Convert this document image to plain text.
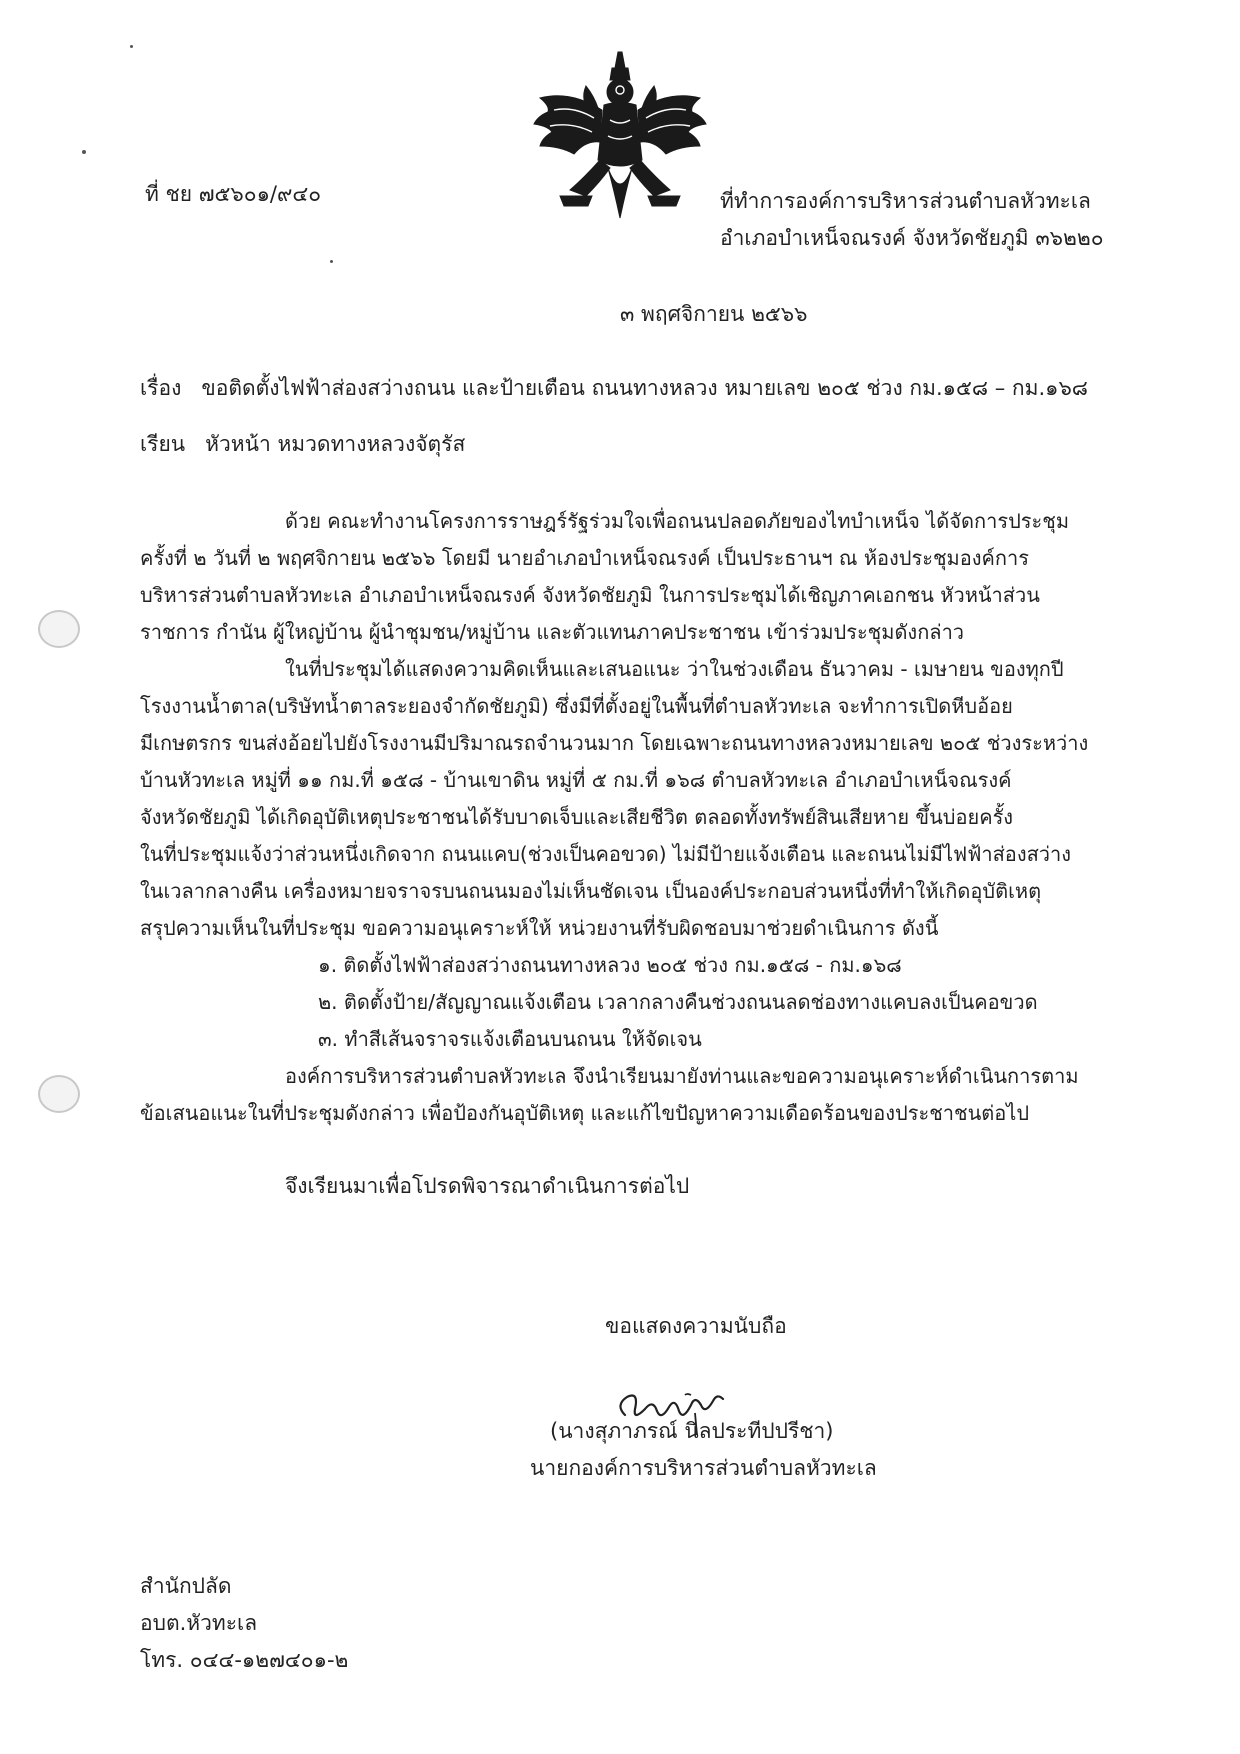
ที่ ชย ๗๕๖๐๑/๙๔๐	ที่ทำการองค์การบริหารส่วนตำบลหัวทะเล
อำเภอบำเหน็จณรงค์ จังหวัดชัยภูมิ ๓๖๒๒๐
๓ พฤศจิกายน ๒๕๖๖
เรื่อง ขอติดตั้งไฟฟ้าส่องสว่างถนน และป้ายเตือน ถนนทางหลวง หมายเลข ๒๐๕ ช่วง กม.๑๕๘ – กม.๑๖๘
เรียน หัวหน้า หมวดทางหลวงจัตุรัส
ด้วย คณะทำงานโครงการราษฎร์รัฐร่วมใจเพื่อถนนปลอดภัยของไทบำเหน็จ ได้จัดการประชุม
ครั้งที่ ๒ วันที่ ๒ พฤศจิกายน ๒๕๖๖ โดยมี นายอำเภอบำเหน็จณรงค์ เป็นประธานฯ ณ ห้องประชุมองค์การ
บริหารส่วนตำบลหัวทะเล อำเภอบำเหน็จณรงค์ จังหวัดชัยภูมิ ในการประชุมได้เชิญภาคเอกชน หัวหน้าส่วน
ราชการ กำนัน ผู้ใหญ่บ้าน ผู้นำชุมชน/หมู่บ้าน และตัวแทนภาคประชาชน เข้าร่วมประชุมดังกล่าว
ในที่ประชุมได้แสดงความคิดเห็นและเสนอแนะ ว่าในช่วงเดือน ธันวาคม - เมษายน ของทุกปี
โรงงานน้ำตาล(บริษัทน้ำตาลระยองจำกัดชัยภูมิ) ซึ่งมีที่ตั้งอยู่ในพื้นที่ตำบลหัวทะเล จะทำการเปิดหีบอ้อย
มีเกษตรกร ขนส่งอ้อยไปยังโรงงานมีปริมาณรถจำนวนมาก โดยเฉพาะถนนทางหลวงหมายเลข ๒๐๕ ช่วงระหว่าง
บ้านหัวทะเล หมู่ที่ ๑๑ กม.ที่ ๑๕๘ - บ้านเขาดิน หมู่ที่ ๕ กม.ที่ ๑๖๘ ตำบลหัวทะเล อำเภอบำเหน็จณรงค์
จังหวัดชัยภูมิ ได้เกิดอุบัติเหตุประชาชนได้รับบาดเจ็บและเสียชีวิต ตลอดทั้งทรัพย์สินเสียหาย ขึ้นบ่อยครั้ง
ในที่ประชุมแจ้งว่าส่วนหนึ่งเกิดจาก ถนนแคบ(ช่วงเป็นคอขวด) ไม่มีป้ายแจ้งเตือน และถนนไม่มีไฟฟ้าส่องสว่าง
ในเวลากลางคืน เครื่องหมายจราจรบนถนนมองไม่เห็นชัดเจน เป็นองค์ประกอบส่วนหนึ่งที่ทำให้เกิดอุบัติเหตุ
สรุปความเห็นในที่ประชุม ขอความอนุเคราะห์ให้ หน่วยงานที่รับผิดชอบมาช่วยดำเนินการ ดังนี้
๑. ติดตั้งไฟฟ้าส่องสว่างถนนทางหลวง ๒๐๕ ช่วง กม.๑๕๘ - กม.๑๖๘
๒. ติดตั้งป้าย/สัญญาณแจ้งเตือน เวลากลางคืนช่วงถนนลดช่องทางแคบลงเป็นคอขวด
๓. ทำสีเส้นจราจรแจ้งเตือนบนถนน ให้จัดเจน
องค์การบริหารส่วนตำบลหัวทะเล จึงนำเรียนมายังท่านและขอความอนุเคราะห์ดำเนินการตาม
ข้อเสนอแนะในที่ประชุมดังกล่าว เพื่อป้องกันอุบัติเหตุ และแก้ไขปัญหาความเดือดร้อนของประชาชนต่อไป
จึงเรียนมาเพื่อโปรดพิจารณาดำเนินการต่อไป
ขอแสดงความนับถือ
(นางสุภาภรณ์ นิลประทีปปรีชา)
นายกองค์การบริหารส่วนตำบลหัวทะเล
สำนักปลัด
อบต.หัวทะเล
โทร. ๐๔๔-๑๒๗๔๐๑-๒
